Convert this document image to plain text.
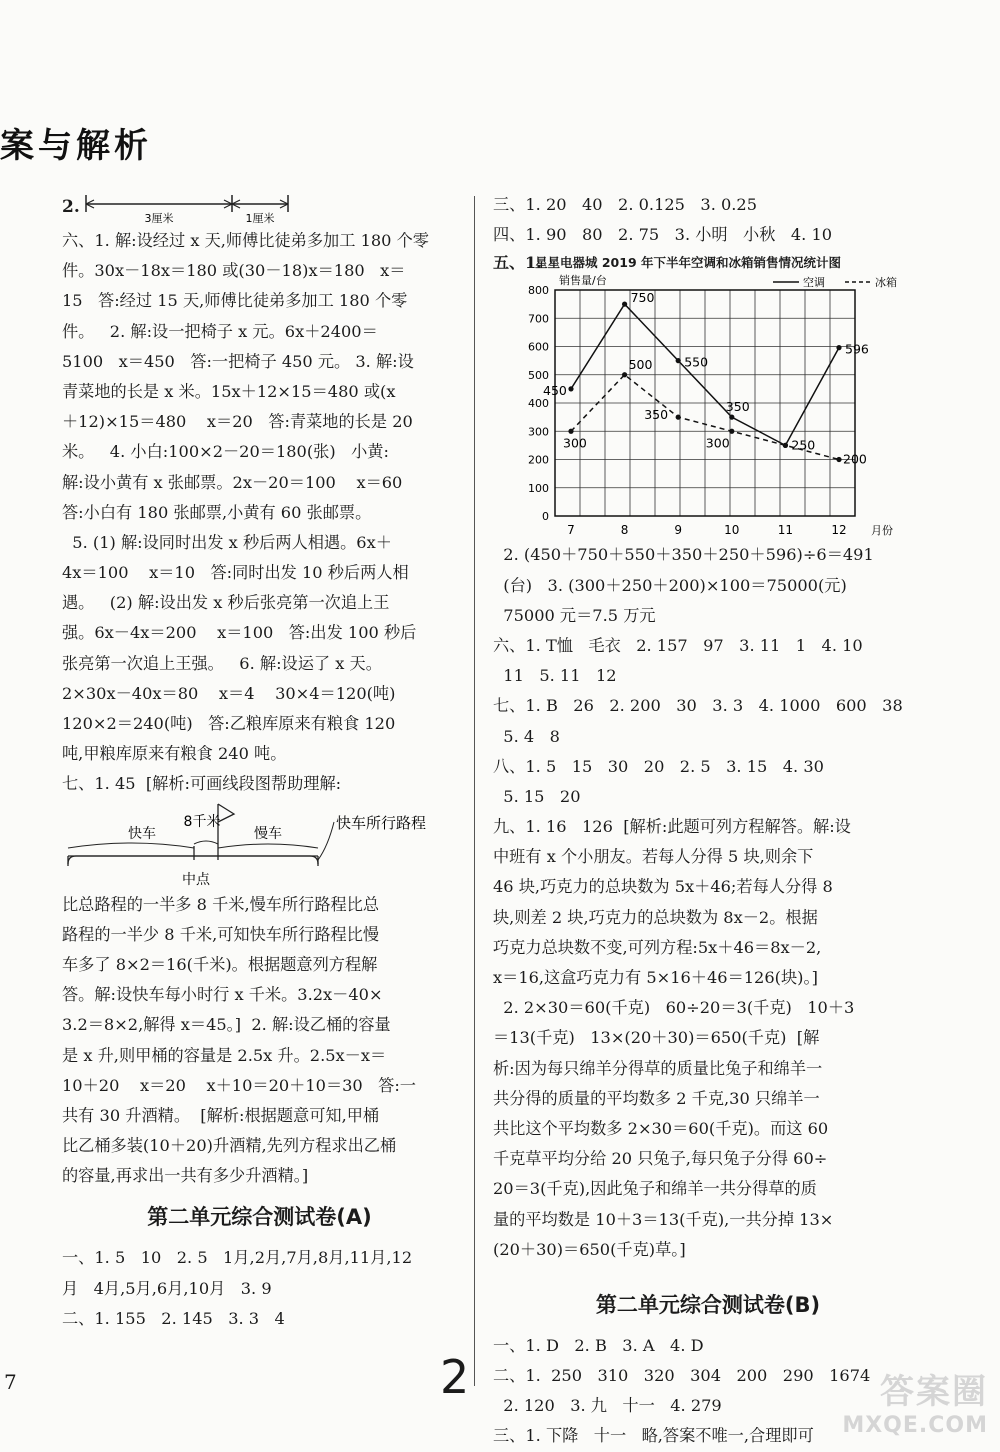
案与解析
2.
3厘米	1厘米
六、1. 解:设经过 x 天,师傅比徒弟多加工 180 个零
件。30x－18x＝180 或(30－18)x＝180   x＝
15   答:经过 15 天,师傅比徒弟多加工 180 个零
件。   2. 解:设一把椅子 x 元。6x＋2400＝
5100   x＝450   答:一把椅子 450 元。 3. 解:设
青菜地的长是 x 米。15x＋12×15＝480 或(x
＋12)×15＝480    x＝20   答:青菜地的长是 20
米。   4. 小白:100×2－20＝180(张)   小黄:
解:设小黄有 x 张邮票。2x－20＝100    x＝60
答:小白有 180 张邮票,小黄有 60 张邮票。
5. (1) 解:设同时出发 x 秒后两人相遇。6x＋
4x＝100    x＝10   答:同时出发 10 秒后两人相
遇。   (2) 解:设出发 x 秒后张亮第一次追上王
强。6x－4x＝200    x＝100   答:出发 100 秒后
张亮第一次追上王强。   6. 解:设运了 x 天。
2×30x－40x＝80    x＝4    30×4＝120(吨)
120×2＝240(吨)   答:乙粮库原来有粮食 120
吨,甲粮库原来有粮食 240 吨。
七、1. 45  [解析:可画线段图帮助理解:
快车
8千米
慢车
中点
快车所行路程
比总路程的一半多 8 千米,慢车所行路程比总
路程的一半少 8 千米,可知快车所行路程比慢
车多了 8×2＝16(千米)。根据题意列方程解
答。解:设快车每小时行 x 千米。3.2x－40×
3.2＝8×2,解得 x＝45。]  2. 解:设乙桶的容量
是 x 升,则甲桶的容量是 2.5x 升。2.5x－x＝
10＋20    x＝20    x＋10＝20＋10＝30   答:一
共有 30 升酒精。  [解析:根据题意可知,甲桶
比乙桶多装(10＋20)升酒精,先列方程求出乙桶
的容量,再求出一共有多少升酒精。]
第二单元综合测试卷(A)
一、1. 5   10   2. 5   1月,2月,7月,8月,11月,12
月   4月,5月,6月,10月   3. 9
二、1. 155   2. 145   3. 3   4
三、1. 20   40   2. 0.125   3. 0.25
四、1. 90   80   2. 75   3. 小明   小秋   4. 10
五、1.
星星电器城 2019 年下半年空调和冰箱销售情况统计图
0
100
200
300
400
500
600
700
800
销售量/台
月份
7	8	9	10	11	12
空调	冰箱
450
750
550
350
250
596
300
500
350
300
200
2. (450＋750＋550＋350＋250＋596)÷6＝491
(台)   3. (300＋250＋200)×100＝75000(元)
75000 元＝7.5 万元
六、1. T恤   毛衣   2. 157   97   3. 11   1   4. 10
11   5. 11   12
七、1. B   26   2. 200   30   3. 3   4. 1000   600   38
5. 4   8
八、1. 5   15   30   20   2. 5   3. 15   4. 30
5. 15   20
九、1. 16   126  [解析:此题可列方程解答。解:设
中班有 x 个小朋友。若每人分得 5 块,则余下
46 块,巧克力的总块数为 5x＋46;若每人分得 8
块,则差 2 块,巧克力的总块数为 8x－2。根据
巧克力总块数不变,可列方程:5x＋46＝8x－2,
x＝16,这盒巧克力有 5×16＋46＝126(块)。]
2. 2×30＝60(千克)   60÷20＝3(千克)   10＋3
＝13(千克)   13×(20＋30)＝650(千克)  [解
析:因为每只绵羊分得草的质量比兔子和绵羊一
共分得的质量的平均数多 2 千克,30 只绵羊一
共比这个平均数多 2×30＝60(千克)。而这 60
千克草平均分给 20 只兔子,每只兔子分得 60÷
20＝3(千克),因此兔子和绵羊一共分得草的质
量的平均数是 10＋3＝13(千克),一共分掉 13×
(20＋30)＝650(千克)草。]
第二单元综合测试卷(B)
一、1. D   2. B   3. A   4. D
二、1.  250   310   320   304   200   290   1674
2. 120   3. 九   十一   4. 279
三、1. 下降   十一   略,答案不唯一,合理即可
7	2	答案圈
MXQE.COM
